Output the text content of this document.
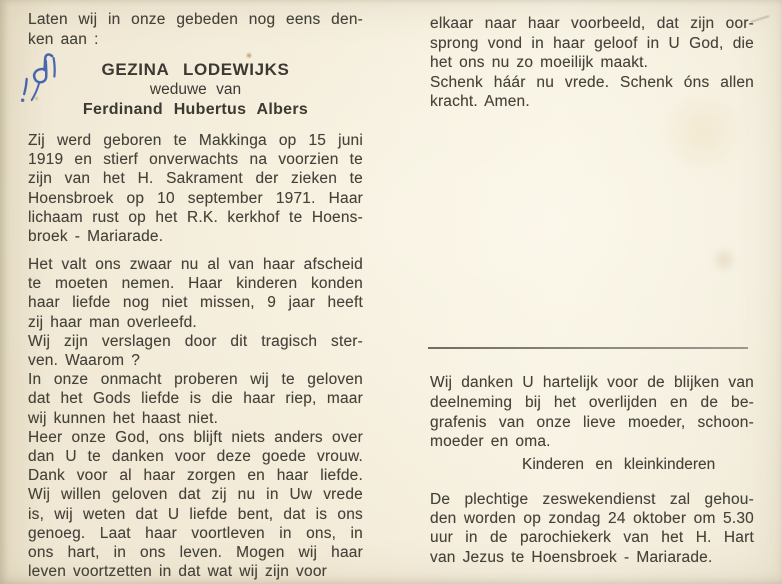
Laten wij in onze gebeden nog eens den-
ken aan :
GEZINA LODEWIJKS
weduwe van
Ferdinand Hubertus Albers
Zij werd geboren te Makkinga op 15 juni
1919 en stierf onverwachts na voorzien te
zijn van het H. Sakrament der zieken te
Hoensbroek op 10 september 1971. Haar
lichaam rust op het R.K. kerkhof te Hoens-
broek - Mariarade.
Het valt ons zwaar nu al van haar afscheid
te moeten nemen. Haar kinderen konden
haar liefde nog niet missen, 9 jaar heeft
zij haar man overleefd.
Wij zijn verslagen door dit tragisch ster-
ven. Waarom ?
In onze onmacht proberen wij te geloven
dat het Gods liefde is die haar riep, maar
wij kunnen het haast niet.
Heer onze God, ons blijft niets anders over
dan U te danken voor deze goede vrouw.
Dank voor al haar zorgen en haar liefde.
Wij willen geloven dat zij nu in Uw vrede
is, wij weten dat U liefde bent, dat is ons
genoeg. Laat haar voortleven in ons, in
ons hart, in ons leven. Mogen wij haar
leven voortzetten in dat wat wij zijn voor
elkaar naar haar voorbeeld, dat zijn oor-
sprong vond in haar geloof in U God, die
het ons nu zo moeilijk maakt.
Schenk háár nu vrede. Schenk óns allen
kracht. Amen.
Wij danken U hartelijk voor de blijken van
deelneming bij het overlijden en de be-
grafenis van onze lieve moeder, schoon-
moeder en oma.
Kinderen en kleinkinderen
De plechtige zeswekendienst zal gehou-
den worden op zondag 24 oktober om 5.30
uur in de parochiekerk van het H. Hart
van Jezus te Hoensbroek - Mariarade.
